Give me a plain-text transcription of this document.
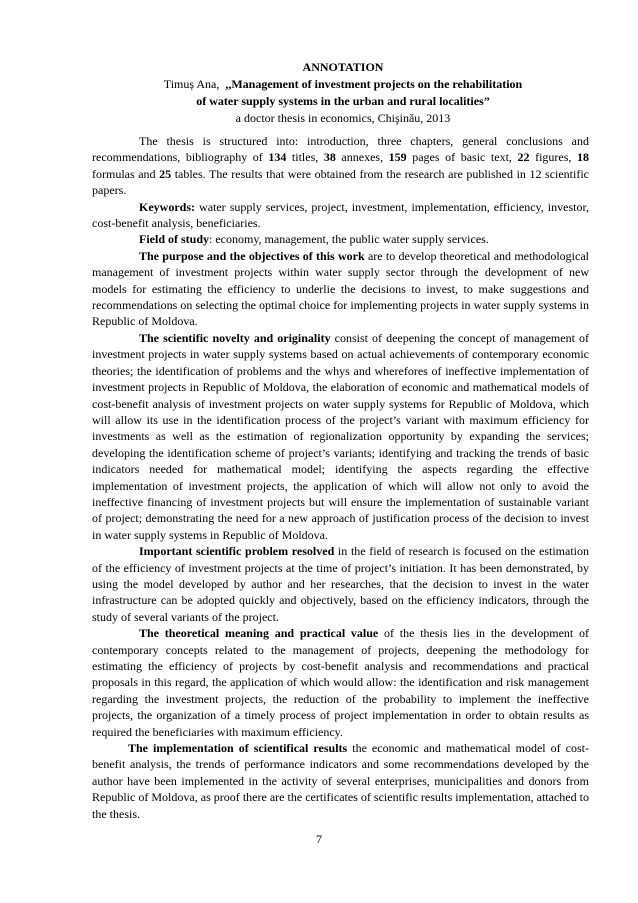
ANNOTATION
Timuș Ana, ,,Management of investment projects on the rehabilitation
of water supply systems in the urban and rural localities”
a doctor thesis in economics, Chişinău, 2013

The thesis is structured into: introduction, three chapters, general conclusions and recommendations, bibliography of 134 titles, 38 annexes, 159 pages of basic text, 22 figures, 18 formulas and 25 tables. The results that were obtained from the research are published in 12 scientific papers.

Keywords: water supply services, project, investment, implementation, efficiency, investor, cost-benefit analysis, beneficiaries.

Field of study: economy, management, the public water supply services.

The purpose and the objectives of this work are to develop theoretical and methodological management of investment projects within water supply sector through the development of new models for estimating the efficiency to underlie the decisions to invest, to make suggestions and recommendations on selecting the optimal choice for implementing projects in water supply systems in Republic of Moldova.

The scientific novelty and originality consist of deepening the concept of management of investment projects in water supply systems based on actual achievements of contemporary economic theories; the identification of problems and the whys and wherefores of ineffective implementation of investment projects in Republic of Moldova, the elaboration of economic and mathematical models of cost-benefit analysis of investment projects on water supply systems for Republic of Moldova, which will allow its use in the identification process of the project’s variant with maximum efficiency for investments as well as the estimation of regionalization opportunity by expanding the services; developing the identification scheme of project’s variants; identifying and tracking the trends of basic indicators needed for mathematical model; identifying the aspects regarding the effective implementation of investment projects, the application of which will allow not only to avoid the ineffective financing of investment projects but will ensure the implementation of sustainable variant of project; demonstrating the need for a new approach of justification process of the decision to invest in water supply systems in Republic of Moldova.

Important scientific problem resolved in the field of research is focused on the estimation of the efficiency of investment projects at the time of project’s initiation. It has been demonstrated, by using the model developed by author and her researches, that the decision to invest in the water infrastructure can be adopted quickly and objectively, based on the efficiency indicators, through the study of several variants of the project.

The theoretical meaning and practical value of the thesis lies in the development of contemporary concepts related to the management of projects, deepening the methodology for estimating the efficiency of projects by cost-benefit analysis and recommendations and practical proposals in this regard, the application of which would allow: the identification and risk management regarding the investment projects, the reduction of the probability to implement the ineffective projects, the organization of a timely process of project implementation in order to obtain results as required the beneficiaries with maximum efficiency.

The implementation of scientifical results the economic and mathematical model of cost-benefit analysis, the trends of performance indicators and some recommendations developed by the author have been implemented in the activity of several enterprises, municipalities and donors from Republic of Moldova, as proof there are the certificates of scientific results implementation, attached to the thesis.

7
